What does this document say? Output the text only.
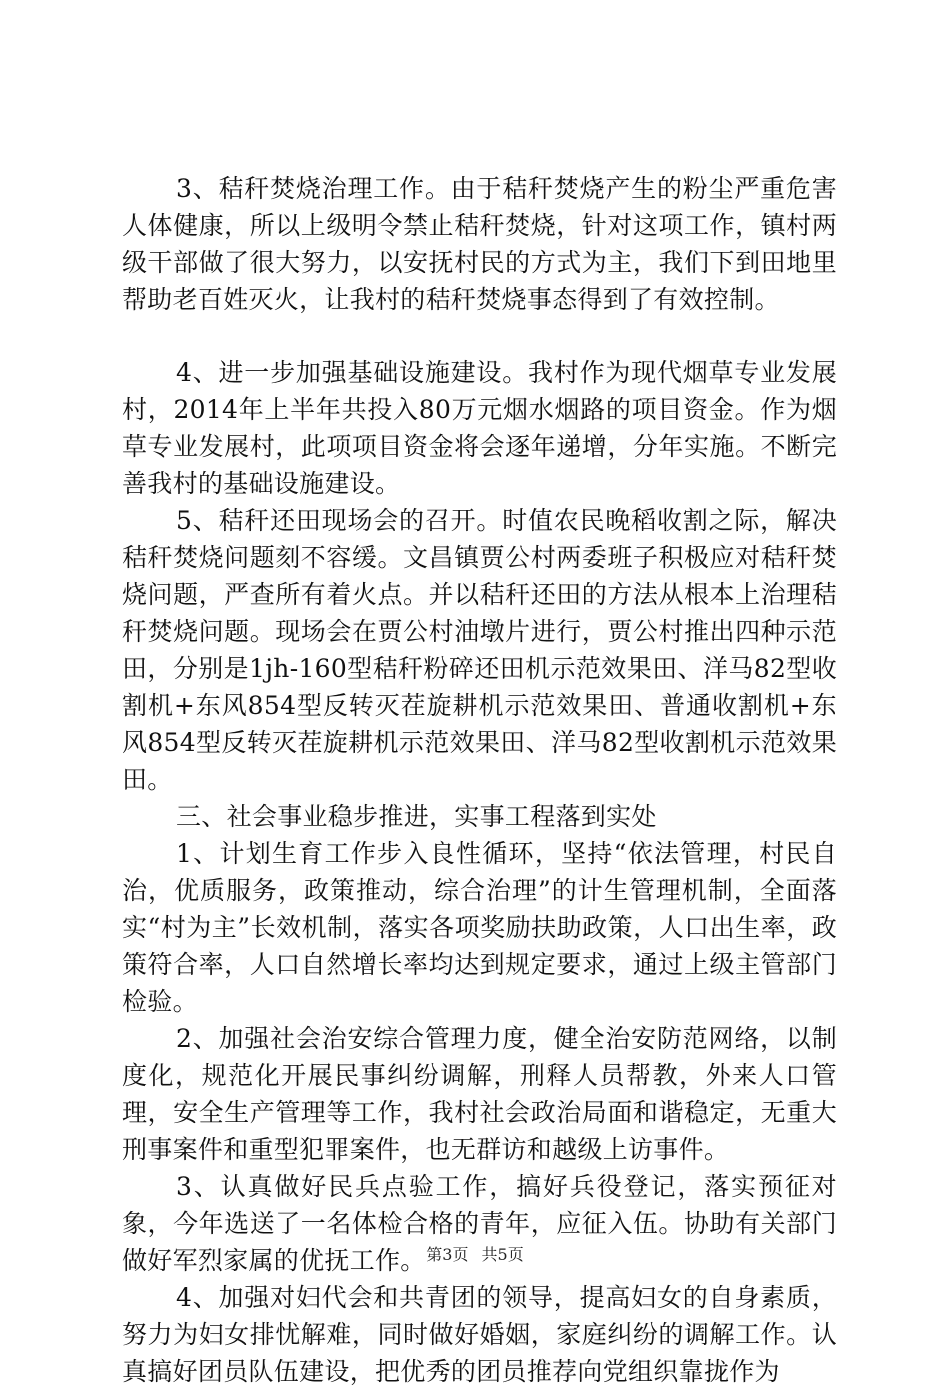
3、秸秆焚烧治理工作。由于秸秆焚烧产生的粉尘严重危害人体健康，所以上级明令禁止秸秆焚烧，针对这项工作，镇村两级干部做了很大努力，以安抚村民的方式为主，我们下到田地里帮助老百姓灭火，让我村的秸秆焚烧事态得到了有效控制。

4、进一步加强基础设施建设。我村作为现代烟草专业发展村，2014年上半年共投入80万元烟水烟路的项目资金。作为烟草专业发展村，此项项目资金将会逐年递增，分年实施。不断完善我村的基础设施建设。

5、秸秆还田现场会的召开。时值农民晚稻收割之际，解决秸秆焚烧问题刻不容缓。文昌镇贾公村两委班子积极应对秸秆焚烧问题，严查所有着火点。并以秸秆还田的方法从根本上治理秸秆焚烧问题。现场会在贾公村油墩片进行，贾公村推出四种示范田，分别是1jh-160型秸秆粉碎还田机示范效果田、洋马82型收割机+东风854型反转灭茬旋耕机示范效果田、普通收割机+东风854型反转灭茬旋耕机示范效果田、洋马82型收割机示范效果田。

三、社会事业稳步推进，实事工程落到实处

1、计划生育工作步入良性循环，坚持“依法管理，村民自治，优质服务，政策推动，综合治理”的计生管理机制，全面落实“村为主”长效机制，落实各项奖励扶助政策，人口出生率，政策符合率，人口自然增长率均达到规定要求，通过上级主管部门检验。

2、加强社会治安综合管理力度，健全治安防范网络，以制度化，规范化开展民事纠纷调解，刑释人员帮教，外来人口管理，安全生产管理等工作，我村社会政治局面和谐稳定，无重大刑事案件和重型犯罪案件，也无群访和越级上访事件。

3、认真做好民兵点验工作，搞好兵役登记，落实预征对象，今年选送了一名体检合格的青年，应征入伍。协助有关部门做好军烈家属的优抚工作。

4、加强对妇代会和共青团的领导，提高妇女的自身素质，努力为妇女排忧解难，同时做好婚姻，家庭纠纷的调解工作。认真搞好团员队伍建设，把优秀的团员推荐向党组织靠拢作为

第3页 共5页
